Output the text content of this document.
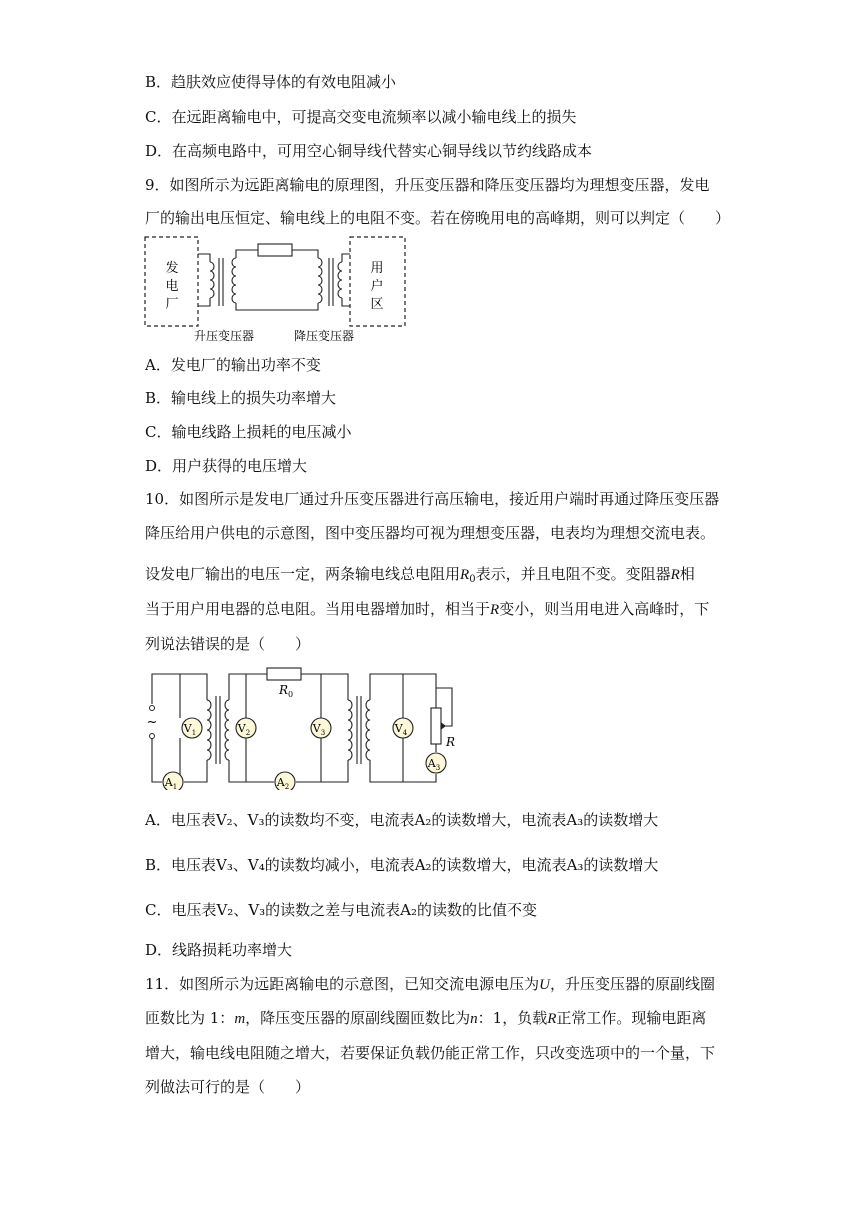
B．趋肤效应使得导体的有效电阻减小
C．在远距离输电中，可提高交变电流频率以减小输电线上的损失
D．在高频电路中，可用空心铜导线代替实心铜导线以节约线路成本
9．如图所示为远距离输电的原理图，升压变压器和降压变压器均为理想变压器，发电
厂的输出电压恒定、输电线上的电阻不变。若在傍晚用电的高峰期，则可以判定（　　）
发
电
厂
用
户
区
升压变压器	降压变压器
A．发电厂的输出功率不变
B．输电线上的损失功率增大
C．输电线路上损耗的电压减小
D．用户获得的电压增大
10．如图所示是发电厂通过升压变压器进行高压输电，接近用户端时再通过降压变压器
降压给用户供电的示意图，图中变压器均可视为理想变压器，电表均为理想交流电表。
设发电厂输出的电压一定，两条输电线总电阻用$R_0$表示，并且电阻不变。变阻器R相
当于用户用电器的总电阻。当用电器增加时，相当于R变小，则当用电进入高峰时，下
列说法错误的是（　　）
~ $V_1$	$V_2$	$V_3$	$V_4$
$A_1$	$A_2$
$A_3$
$R_0$
R
A．电压表V₂、V₃的读数均不变，电流表A₂的读数增大，电流表A₃的读数增大
B．电压表V₃、V₄的读数均减小，电流表A₂的读数增大，电流表A₃的读数增大
C．电压表V₂、V₃的读数之差与电流表A₂的读数的比值不变
D．线路损耗功率增大
11．如图所示为远距离输电的示意图，已知交流电源电压为U，升压变压器的原副线圈
匝数比为 1：m，降压变压器的原副线圈匝数比为n：1，负载R正常工作。现输电距离
增大，输电线电阻随之增大，若要保证负载仍能正常工作，只改变选项中的一个量，下
列做法可行的是（　　）
